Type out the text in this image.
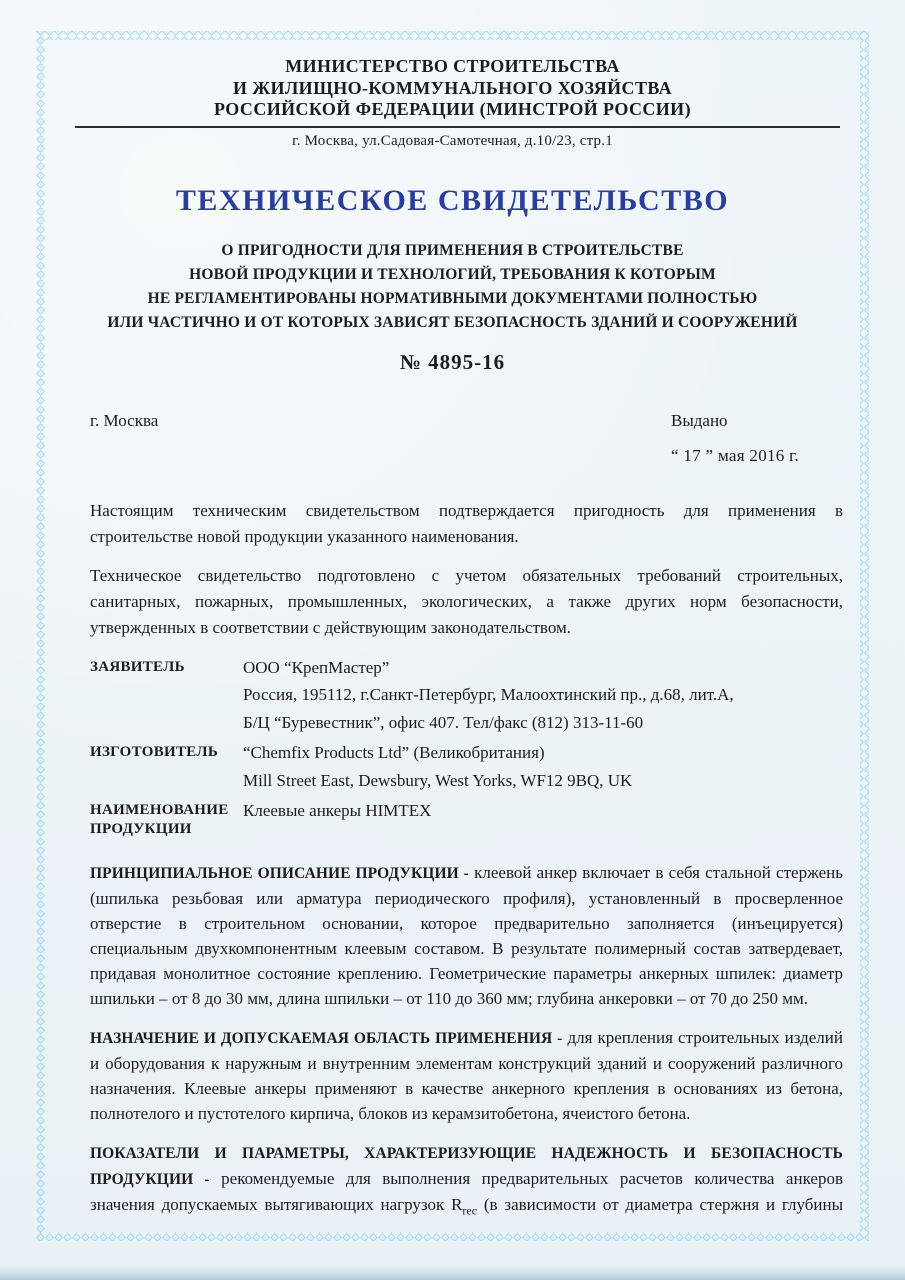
МИНИСТЕРСТВО СТРОИТЕЛЬСТВА
И ЖИЛИЩНО-КОММУНАЛЬНОГО ХОЗЯЙСТВА
РОССИЙСКОЙ ФЕДЕРАЦИИ (МИНСТРОЙ РОССИИ)
г. Москва, ул.Садовая-Самотечная, д.10/23, стр.1
ТЕХНИЧЕСКОЕ СВИДЕТЕЛЬСТВО
О ПРИГОДНОСТИ ДЛЯ ПРИМЕНЕНИЯ В СТРОИТЕЛЬСТВЕ
НОВОЙ ПРОДУКЦИИ И ТЕХНОЛОГИЙ, ТРЕБОВАНИЯ К КОТОРЫМ
НЕ РЕГЛАМЕНТИРОВАНЫ НОРМАТИВНЫМИ ДОКУМЕНТАМИ ПОЛНОСТЬЮ
ИЛИ ЧАСТИЧНО И ОТ КОТОРЫХ ЗАВИСЯТ БЕЗОПАСНОСТЬ ЗДАНИЙ И СООРУЖЕНИЙ
№ 4895-16
г. Москва	Выдано
“ 17 ” мая 2016 г.

Настоящим техническим свидетельством подтверждается пригодность для применения в строительстве новой продукции указанного наименования.

Техническое свидетельство подготовлено с учетом обязательных требований строительных, санитарных, пожарных, промышленных, экологических, а также других норм безопасности, утвержденных в соответствии с действующим законодательством.

ЗАЯВИТЕЛЬ	ООО “КрепМастер”
Россия, 195112, г.Санкт-Петербург, Малоохтинский пр., д.68, лит.А,
Б/Ц “Буревестник”, офис 407. Тел/факс (812) 313-11-60
ИЗГОТОВИТЕЛЬ	“Chemfix Products Ltd” (Великобритания)
Mill Street East, Dewsbury, West Yorks, WF12 9BQ, UK
НАИМЕНОВАНИЕ ПРОДУКЦИИ
Клеевые анкеры HIMTEX

ПРИНЦИПИАЛЬНОЕ ОПИСАНИЕ ПРОДУКЦИИ - клеевой анкер включает в себя стальной стержень (шпилька резьбовая или арматура периодического профиля), установленный в просверленное отверстие в строительном основании, которое предварительно заполняется (инъецируется) специальным двухкомпонентным клеевым составом. В результате полимерный состав затвердевает, придавая монолитное состояние креплению. Геометрические параметры анкерных шпилек: диаметр шпильки – от 8 до 30 мм, длина шпильки – от 110 до 360 мм; глубина анкеровки – от 70 до 250 мм.

НАЗНАЧЕНИЕ И ДОПУСКАЕМАЯ ОБЛАСТЬ ПРИМЕНЕНИЯ - для крепления строительных изделий и оборудования к наружным и внутренним элементам конструкций зданий и сооружений различного назначения. Клеевые анкеры применяют в качестве анкерного крепления в основаниях из бетона, полнотелого и пустотелого кирпича, блоков из керамзитобетона, ячеистого бетона.

ПОКАЗАТЕЛИ И ПАРАМЕТРЫ, ХАРАКТЕРИЗУЮЩИЕ НАДЕЖНОСТЬ И БЕЗОПАСНОСТЬ ПРОДУКЦИИ - рекомендуемые для выполнения предварительных расчетов количества анкеров значения допускаемых вытягивающих нагрузок $R_{rec}$ (в зависимости от диаметра стержня и глубины
